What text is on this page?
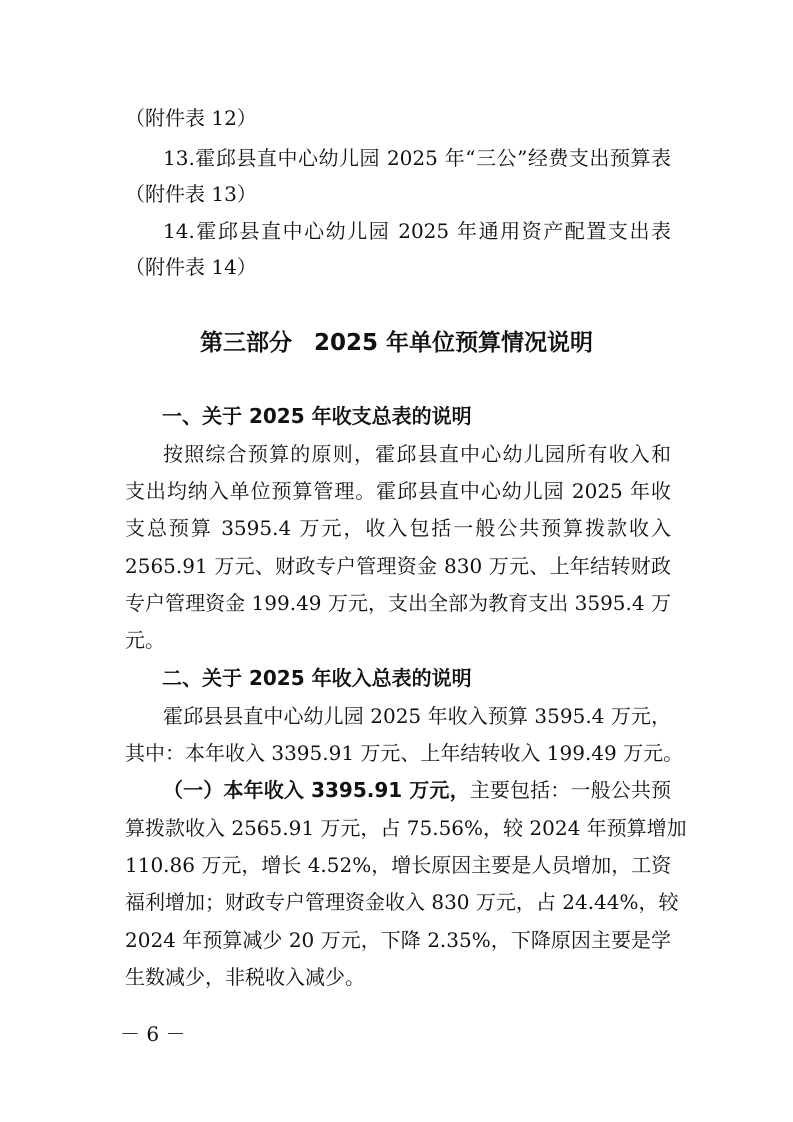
（附件表 12）
13.霍邱县直中心幼儿园 2025 年“三公”经费支出预算表
（附件表 13）
14.霍邱县直中心幼儿园 2025 年通用资产配置支出表
（附件表 14）
第三部分 2025 年单位预算情况说明
一、关于 2025 年收支总表的说明
按照综合预算的原则，霍邱县直中心幼儿园所有收入和
支出均纳入单位预算管理。霍邱县直中心幼儿园 2025 年收
支总预算 3595.4 万元，收入包括一般公共预算拨款收入
2565.91 万元、财政专户管理资金 830 万元、上年结转财政
专户管理资金 199.49 万元，支出全部为教育支出 3595.4 万
元。
二、关于 2025 年收入总表的说明
霍邱县县直中心幼儿园 2025 年收入预算 3595.4 万元，
其中：本年收入 3395.91 万元、上年结转收入 199.49 万元。
（一）本年收入 3395.91 万元，主要包括：一般公共预
算拨款收入 2565.91 万元，占 75.56%，较 2024 年预算增加
110.86 万元，增长 4.52%，增长原因主要是人员增加，工资
福利增加；财政专户管理资金收入 830 万元，占 24.44%，较
2024 年预算减少 20 万元，下降 2.35%，下降原因主要是学
生数减少，非税收入减少。
－ 6 －
